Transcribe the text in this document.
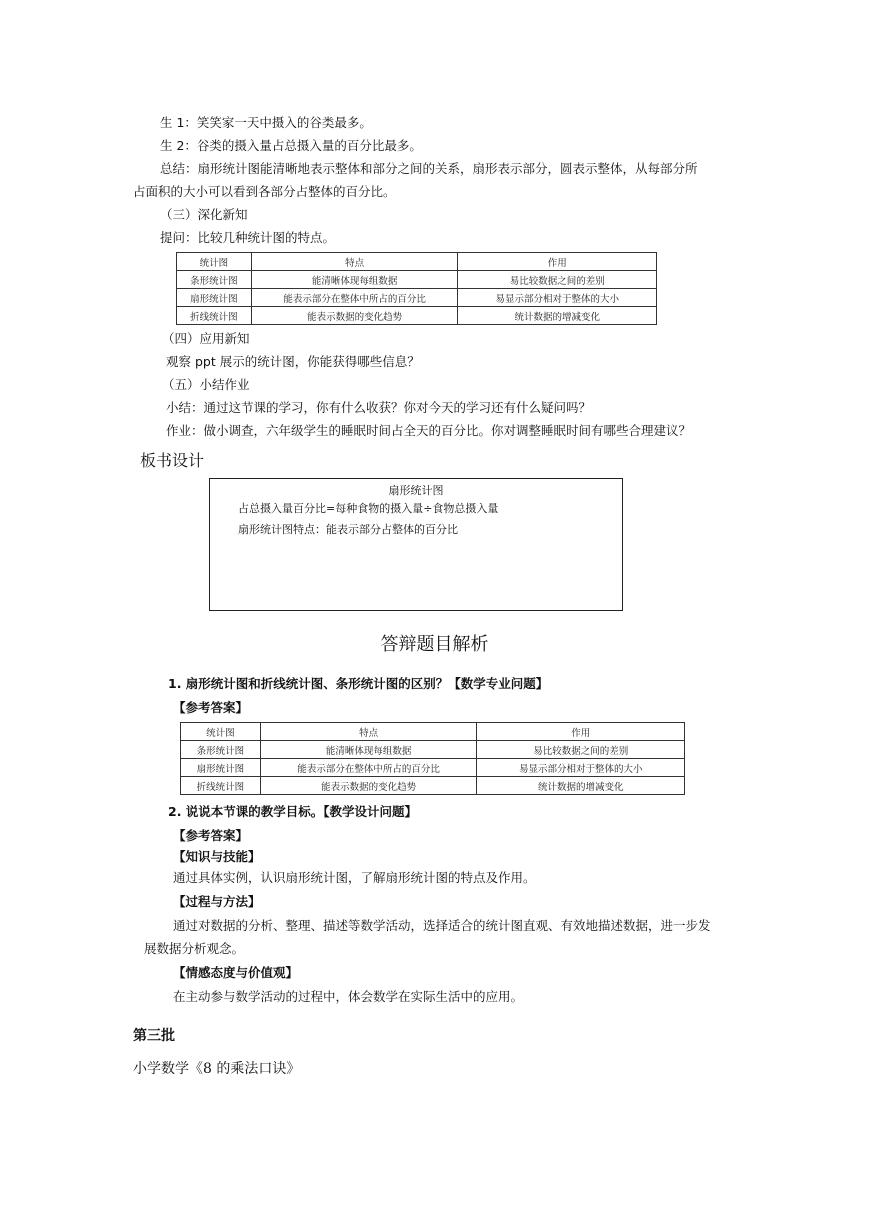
生 1：笑笑家一天中摄入的谷类最多。
生 2：谷类的摄入量占总摄入量的百分比最多。
总结：扇形统计图能清晰地表示整体和部分之间的关系，扇形表示部分，圆表示整体，从每部分所
占面积的大小可以看到各部分占整体的百分比。
（三）深化新知
提问：比较几种统计图的特点。
统计图	特点	作用
条形统计图	能清晰体现每组数据	易比较数据之间的差别
扇形统计图	能表示部分在整体中所占的百分比	易显示部分相对于整体的大小
折线统计图	能表示数据的变化趋势	统计数据的增减变化
（四）应用新知
观察 ppt 展示的统计图，你能获得哪些信息？
（五）小结作业
小结：通过这节课的学习，你有什么收获？你对今天的学习还有什么疑问吗？
作业：做小调查，六年级学生的睡眠时间占全天的百分比。你对调整睡眠时间有哪些合理建议？
板书设计
扇形统计图
占总摄入量百分比=每种食物的摄入量÷食物总摄入量
扇形统计图特点：能表示部分占整体的百分比
答辩题目解析
1. 扇形统计图和折线统计图、条形统计图的区别？【数学专业问题】
【参考答案】
统计图	特点	作用
条形统计图	能清晰体现每组数据	易比较数据之间的差别
扇形统计图	能表示部分在整体中所占的百分比	易显示部分相对于整体的大小
折线统计图	能表示数据的变化趋势	统计数据的增减变化
2. 说说本节课的教学目标。【教学设计问题】
【参考答案】
【知识与技能】
通过具体实例，认识扇形统计图，了解扇形统计图的特点及作用。
【过程与方法】
通过对数据的分析、整理、描述等数学活动，选择适合的统计图直观、有效地描述数据，进一步发
展数据分析观念。
【情感态度与价值观】
在主动参与数学活动的过程中，体会数学在实际生活中的应用。
第三批
小学数学《8 的乘法口诀》
